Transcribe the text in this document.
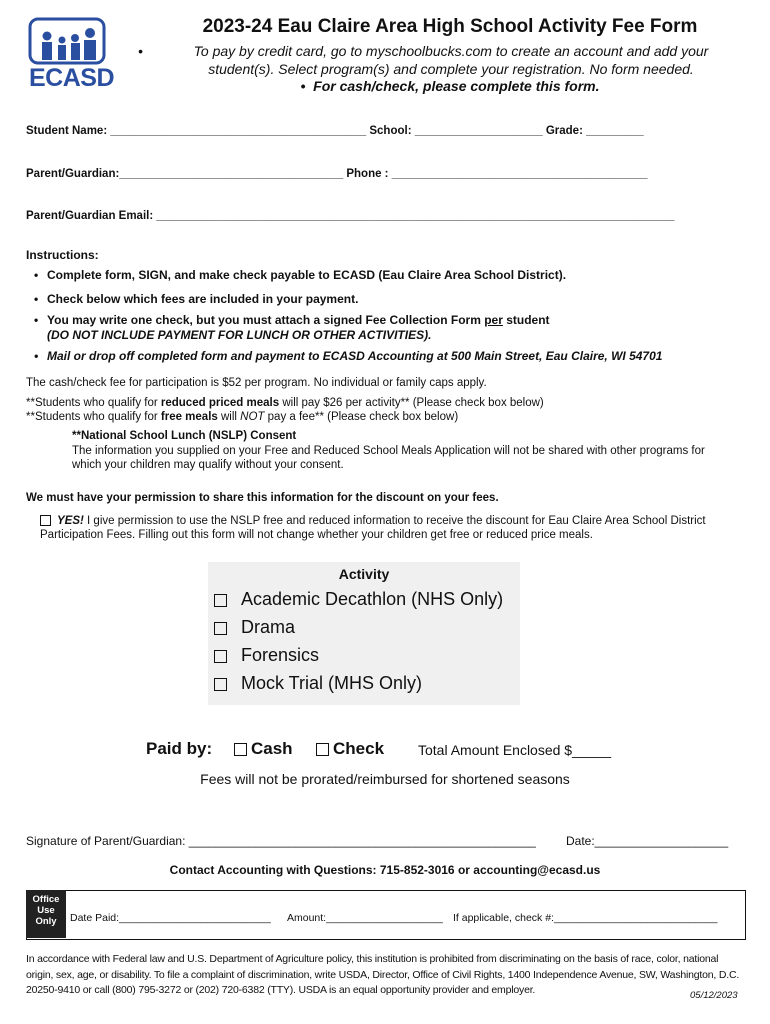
ECASD
2023-24 Eau Claire Area High School Activity Fee Form
•	To pay by credit card, go to myschoolbucks.com to create an account and add your student(s). Select program(s) and complete your registration. No form needed.
• For cash/check, please complete this form.
Student Name: ________________________________________ School: ____________________ Grade: _________
Parent/Guardian:___________________________________ Phone : ________________________________________
Parent/Guardian Email: _________________________________________________________________________________
Instructions:
• Complete form, SIGN, and make check payable to ECASD (Eau Claire Area School District).
• Check below which fees are included in your payment.
• You may write one check, but you must attach a signed Fee Collection Form per student
(DO NOT INCLUDE PAYMENT FOR LUNCH OR OTHER ACTIVITIES).
• Mail or drop off completed form and payment to ECASD Accounting at 500 Main Street, Eau Claire, WI 54701
The cash/check fee for participation is $52 per program. No individual or family caps apply.
**Students who qualify for reduced priced meals will pay $26 per activity** (Please check box below)
**Students who qualify for free meals will NOT pay a fee** (Please check box below)
**National School Lunch (NSLP) Consent
The information you supplied on your Free and Reduced School Meals Application will not be shared with other programs for which your children may qualify without your consent.
We must have your permission to share this information for the discount on your fees.
YES! I give permission to use the NSLP free and reduced information to receive the discount for Eau Claire Area School District Participation Fees. Filling out this form will not change whether your children get free or reduced price meals.
Activity
Academic Decathlon (NHS Only)
Drama
Forensics
Mock Trial (MHS Only)
Paid by:	Cash	Check Total Amount Enclosed $_____
Fees will not be prorated/reimbursed for shortened seasons
Signature of Parent/Guardian: ____________________________________________________	Date:____________________
Contact Accounting with Questions: 715-852-3016 or accounting@ecasd.us
Office Use Only	Date Paid:__________________________ Amount:____________________ If applicable, check #:____________________________
In accordance with Federal law and U.S. Department of Agriculture policy, this institution is prohibited from discriminating on the basis of race, color, national origin, sex, age, or disability. To file a complaint of discrimination, write USDA, Director, Office of Civil Rights, 1400 Independence Avenue, SW, Washington, D.C. 20250-9410 or call (800) 795-3272 or (202) 720-6382 (TTY). USDA is an equal opportunity provider and employer.	05/12/2023
